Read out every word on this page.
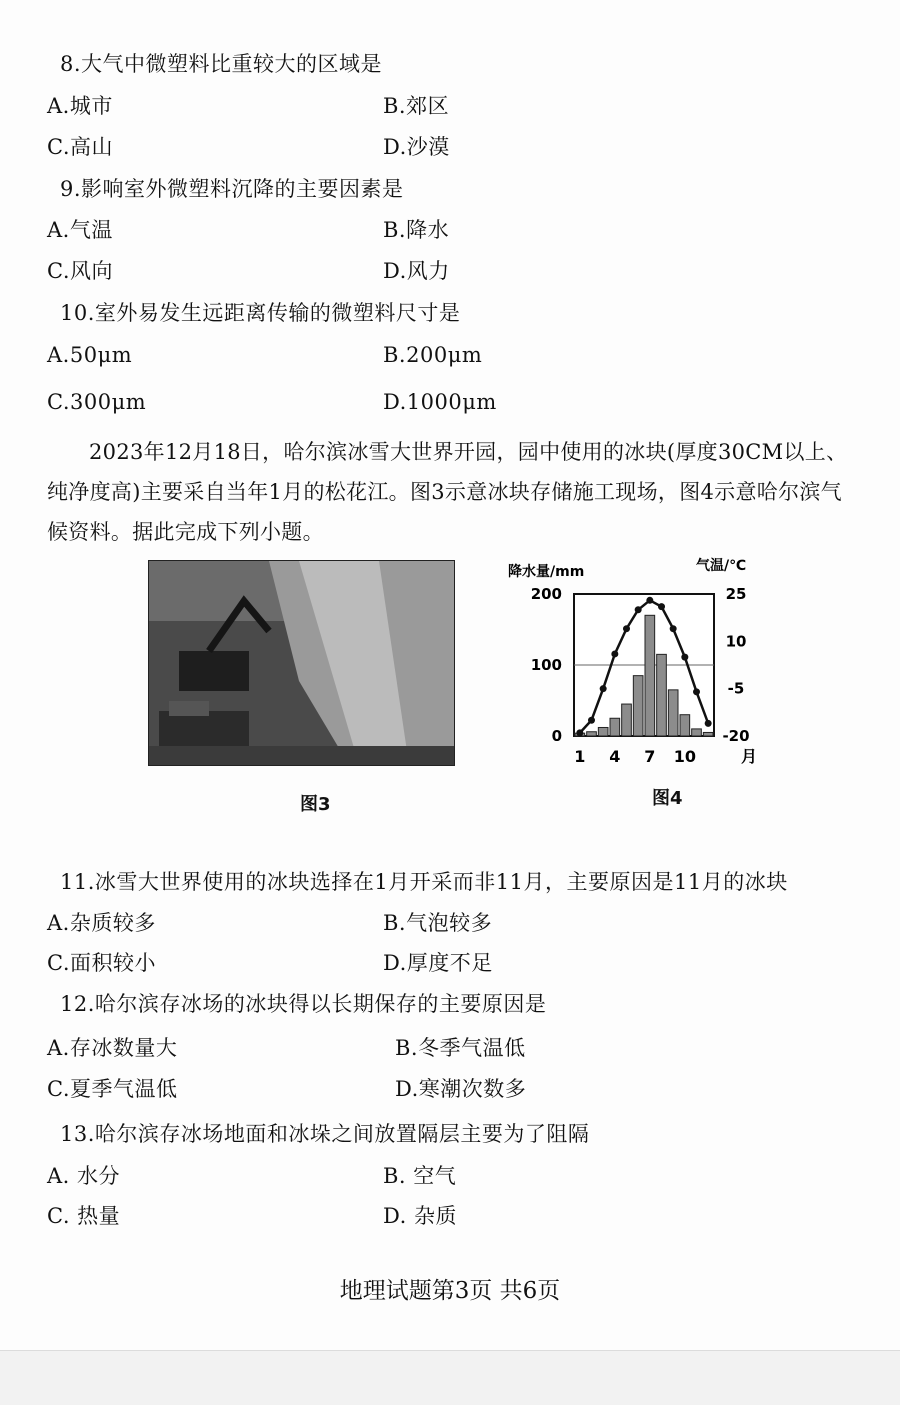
8.大气中微塑料比重较大的区域是
A.城市	B.郊区
C.高山	D.沙漠
9.影响室外微塑料沉降的主要因素是
A.气温	B.降水
C.风向	D.风力
10.室外易发生远距离传输的微塑料尺寸是
A.50μm	B.200μm
C.300μm	D.1000μm
2023年12月18日，哈尔滨冰雪大世界开园，园中使用的冰块(厚度30CM以上、纯净度高)主要采自当年1月的松花江。图3示意冰块存储施工现场，图4示意哈尔滨气候资料。据此完成下列小题。
图3
降水量/mm	气温/℃
200
100
0
25
10
-5
-20
1 4 7 10	月
图4
11.冰雪大世界使用的冰块选择在1月开采而非11月，主要原因是11月的冰块
A.杂质较多	B.气泡较多
C.面积较小	D.厚度不足
12.哈尔滨存冰场的冰块得以长期保存的主要原因是
A.存冰数量大	B.冬季气温低
C.夏季气温低	D.寒潮次数多
13.哈尔滨存冰场地面和冰垛之间放置隔层主要为了阻隔
A. 水分	B. 空气
C. 热量	D. 杂质
地理试题第3页 共6页
